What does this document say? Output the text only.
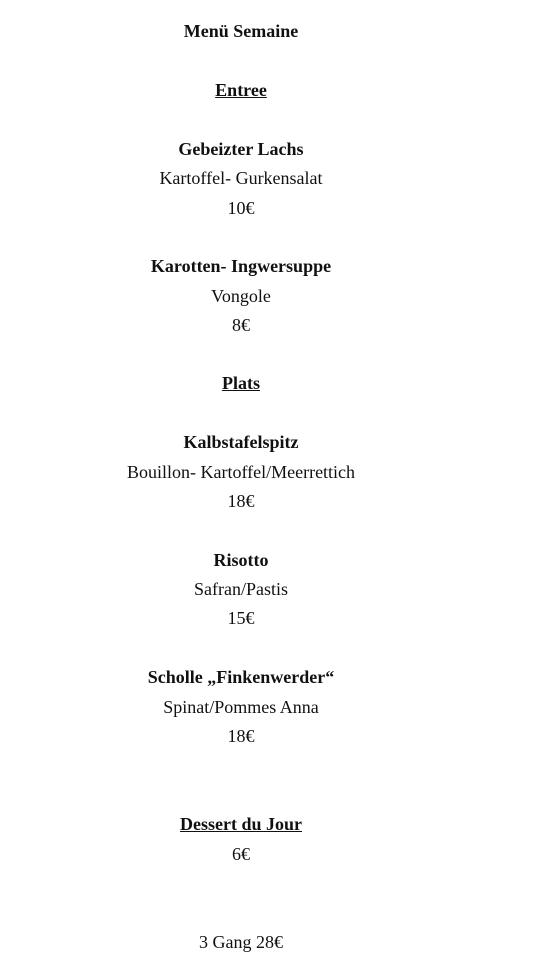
Menü Semaine
Entree
Gebeizter Lachs
Kartoffel- Gurkensalat
10€
Karotten- Ingwersuppe
Vongole
8€
Plats
Kalbstafelspitz
Bouillon- Kartoffel/Meerrettich
18€
Risotto
Safran/Pastis
15€
Scholle „Finkenwerder“
Spinat/Pommes Anna
18€
Dessert du Jour
6€
3 Gang 28€
